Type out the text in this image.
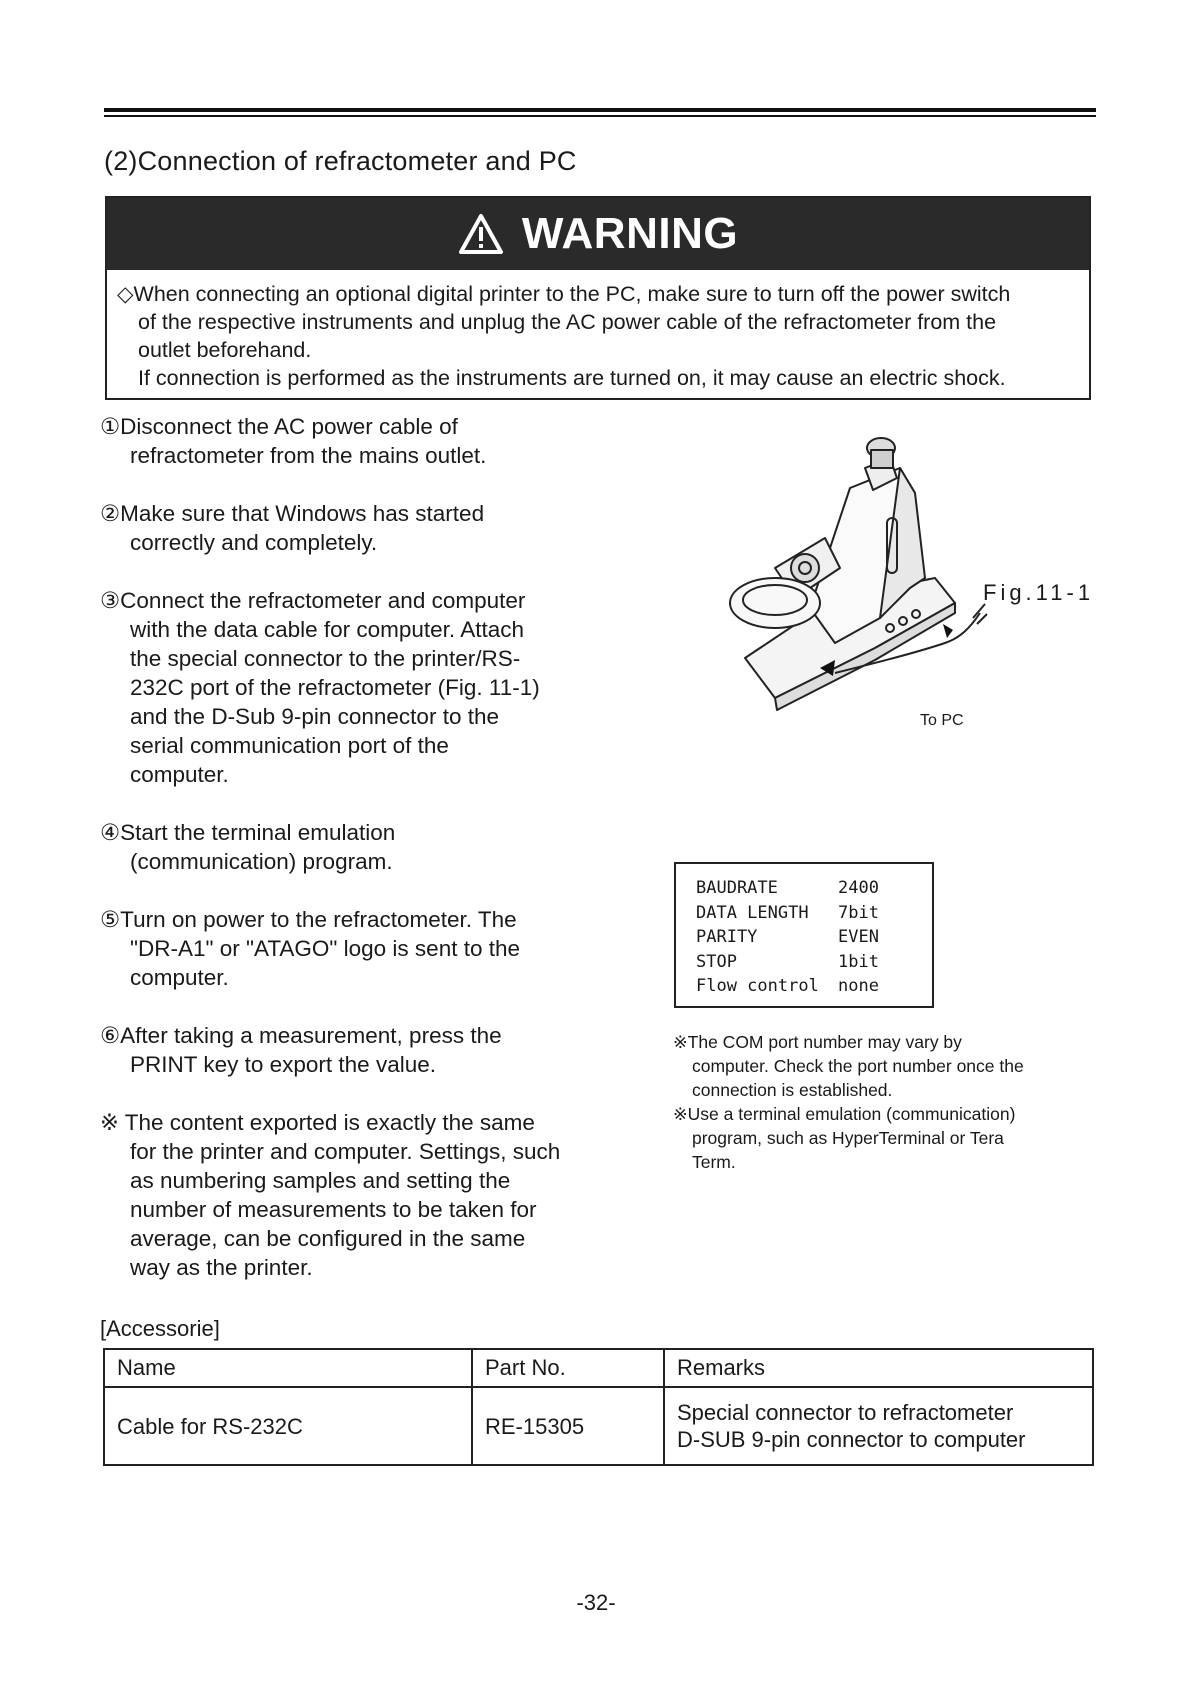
(2)Connection of refractometer and PC
WARNING
◇When connecting an optional digital printer to the PC, make sure to turn off the power switch
of the respective instruments and unplug the AC power cable of the refractometer from the
outlet beforehand.
If connection is performed as the instruments are turned on, it may cause an electric shock.
①Disconnect the AC power cable of
refractometer from the mains outlet.
②Make sure that Windows has started
correctly and completely.
③Connect the refractometer and computer
with the data cable for computer. Attach
the special connector to the printer/RS-
232C port of the refractometer (Fig. 11-1)
and the D-Sub 9-pin connector to the
serial communication port of the
computer.
④Start the terminal emulation
(communication) program.
⑤Turn on power to the refractometer. The
"DR-A1" or "ATAGO" logo is sent to the
computer.
⑥After taking a measurement, press the
PRINT key to export the value.
※ The content exported is exactly the same
for the printer and computer. Settings, such
as numbering samples and setting the
number of measurements to be taken for
average, can be configured in the same
way as the printer.
Fig.11-1
To PC
BAUDRATE	2400
DATA LENGTH	7bit
PARITY	EVEN
STOP	1bit
Flow control	none
※The COM port number may vary by
computer. Check the port number once the
connection is established.
※Use a terminal emulation (communication)
program, such as HyperTerminal or Tera
Term.
[Accessorie]
Name	Part No.	Remarks
Cable for RS-232C	RE-15305	Special connector to refractometer
D-SUB 9-pin connector to computer
-32-
